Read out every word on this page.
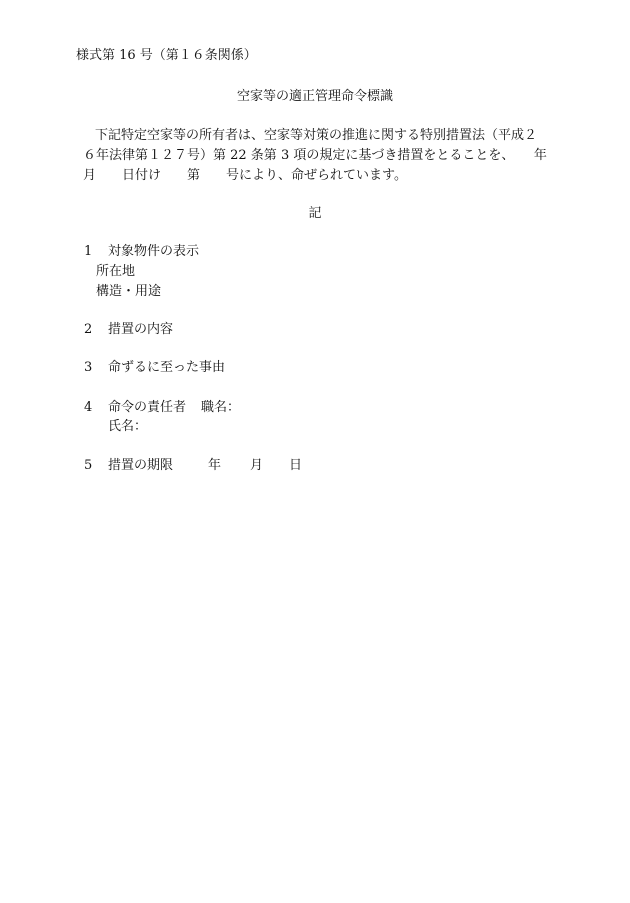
様式第 16 号（第１６条関係）
空家等の適正管理命令標識
下記特定空家等の所有者は、空家等対策の推進に関する特別措置法（平成２
６年法律第１２７号）第 22 条第 3 項の規定に基づき措置をとることを、　　年
月　　日付け　　第　　号により、命ぜられています。
記
1	対象物件の表示
所在地
構造・用途
2	措置の内容
3	命ずるに至った事由
4	命令の責任者 職名：
氏名：
5	措置の期限	年 月 日
